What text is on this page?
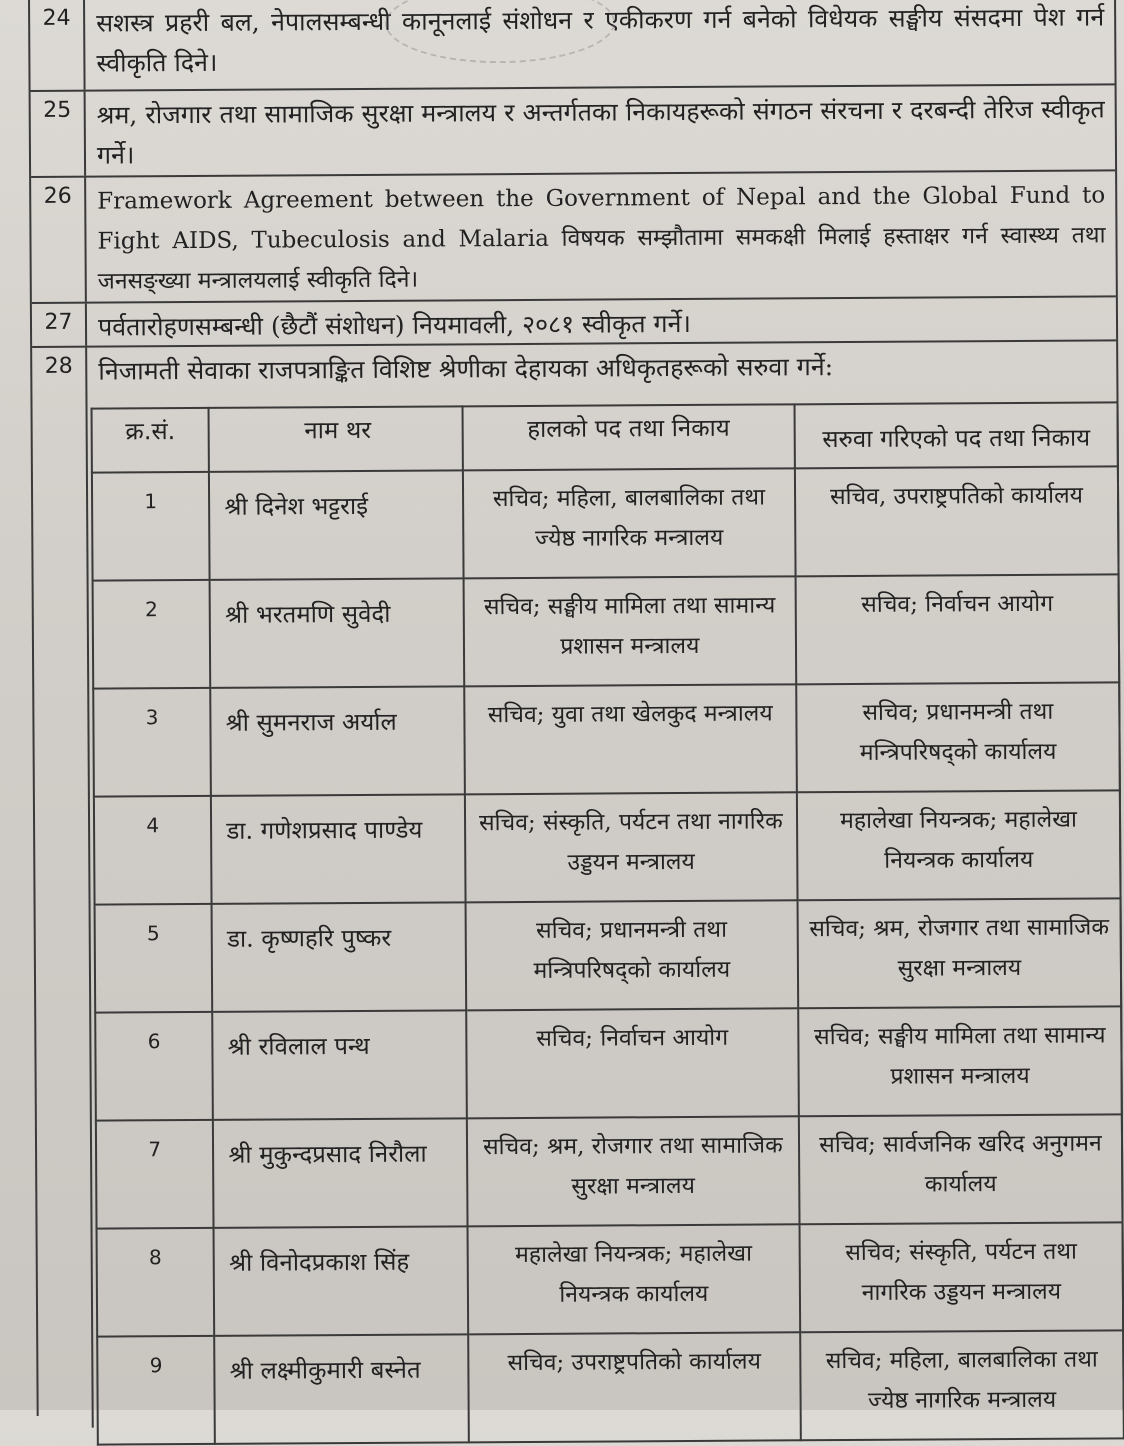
24	सशस्त्र प्रहरी बल, नेपालसम्बन्धी कानूनलाई संशोधन र एकीकरण गर्न बनेको विधेयक सङ्घीय संसदमा पेश गर्न स्वीकृति दिने।
25	श्रम, रोजगार तथा सामाजिक सुरक्षा मन्त्रालय र अन्तर्गतका निकायहरूको संगठन संरचना र दरबन्दी तेरिज स्वीकृत गर्ने।
26	Framework Agreement between the Government of Nepal and the Global Fund to Fight AIDS, Tubeculosis and Malaria विषयक सम्झौतामा समकक्षी मिलाई हस्ताक्षर गर्न स्वास्थ्य तथा जनसङ्ख्या मन्त्रालयलाई स्वीकृति दिने।
27	पर्वतारोहणसम्बन्धी (छैटौं संशोधन) नियमावली, २०८१ स्वीकृत गर्ने।
28	निजामती सेवाका राजपत्राङ्कित विशिष्ट श्रेणीका देहायका अधिकृतहरूको सरुवा गर्ने:
क्र.सं.	नाम थर	हालको पद तथा निकाय	सरुवा गरिएको पद तथा निकाय
1	श्री दिनेश भट्टराई	सचिव; महिला, बालबालिका तथा ज्येष्ठ नागरिक मन्त्रालय	सचिव, उपराष्ट्रपतिको कार्यालय
2	श्री भरतमणि सुवेदी	सचिव; सङ्घीय मामिला तथा सामान्य प्रशासन मन्त्रालय	सचिव; निर्वाचन आयोग
3	श्री सुमनराज अर्याल	सचिव; युवा तथा खेलकुद मन्त्रालय	सचिव; प्रधानमन्त्री तथा मन्त्रिपरिषद्को कार्यालय
4	डा. गणेशप्रसाद पाण्डेय	सचिव; संस्कृति, पर्यटन तथा नागरिक उड्डयन मन्त्रालय	महालेखा नियन्त्रक; महालेखा नियन्त्रक कार्यालय
5	डा. कृष्णहरि पुष्कर	सचिव; प्रधानमन्त्री तथा मन्त्रिपरिषद्को कार्यालय	सचिव; श्रम, रोजगार तथा सामाजिक सुरक्षा मन्त्रालय
6	श्री रविलाल पन्थ	सचिव; निर्वाचन आयोग	सचिव; सङ्घीय मामिला तथा सामान्य प्रशासन मन्त्रालय
7	श्री मुकुन्दप्रसाद निरौला	सचिव; श्रम, रोजगार तथा सामाजिक सुरक्षा मन्त्रालय	सचिव; सार्वजनिक खरिद अनुगमन कार्यालय
8	श्री विनोदप्रकाश सिंह	महालेखा नियन्त्रक; महालेखा नियन्त्रक कार्यालय	सचिव; संस्कृति, पर्यटन तथा नागरिक उड्डयन मन्त्रालय
9	श्री लक्ष्मीकुमारी बस्नेत	सचिव; उपराष्ट्रपतिको कार्यालय	सचिव; महिला, बालबालिका तथा ज्येष्ठ नागरिक मन्त्रालय
